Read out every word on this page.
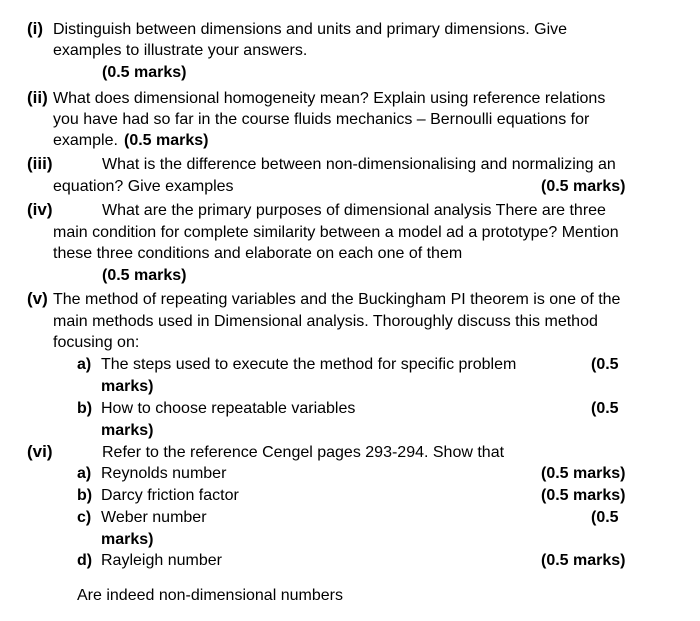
(i) Distinguish between dimensions and units and primary dimensions. Give
examples to illustrate your answers.
(0.5 marks)
(ii) What does dimensional homogeneity mean? Explain using reference relations
you have had so far in the course fluids mechanics – Bernoulli equations for
example. (0.5 marks)
(iii)	What is the difference between non-dimensionalising and normalizing an
equation? Give examples	(0.5 marks)
(iv)	What are the primary purposes of dimensional analysis There are three
main condition for complete similarity between a model ad a prototype? Mention
these three conditions and elaborate on each one of them
(0.5 marks)
(v) The method of repeating variables and the Buckingham PI theorem is one of the
main methods used in Dimensional analysis. Thoroughly discuss this method
focusing on:
a) The steps used to execute the method for specific problem	(0.5
marks)
b) How to choose repeatable variables	(0.5
marks)
(vi)	Refer to the reference Cengel pages 293-294. Show that
a) Reynolds number	(0.5 marks)
b) Darcy friction factor	(0.5 marks)
c) Weber number	(0.5
marks)
d) Rayleigh number	(0.5 marks)
Are indeed non-dimensional numbers
